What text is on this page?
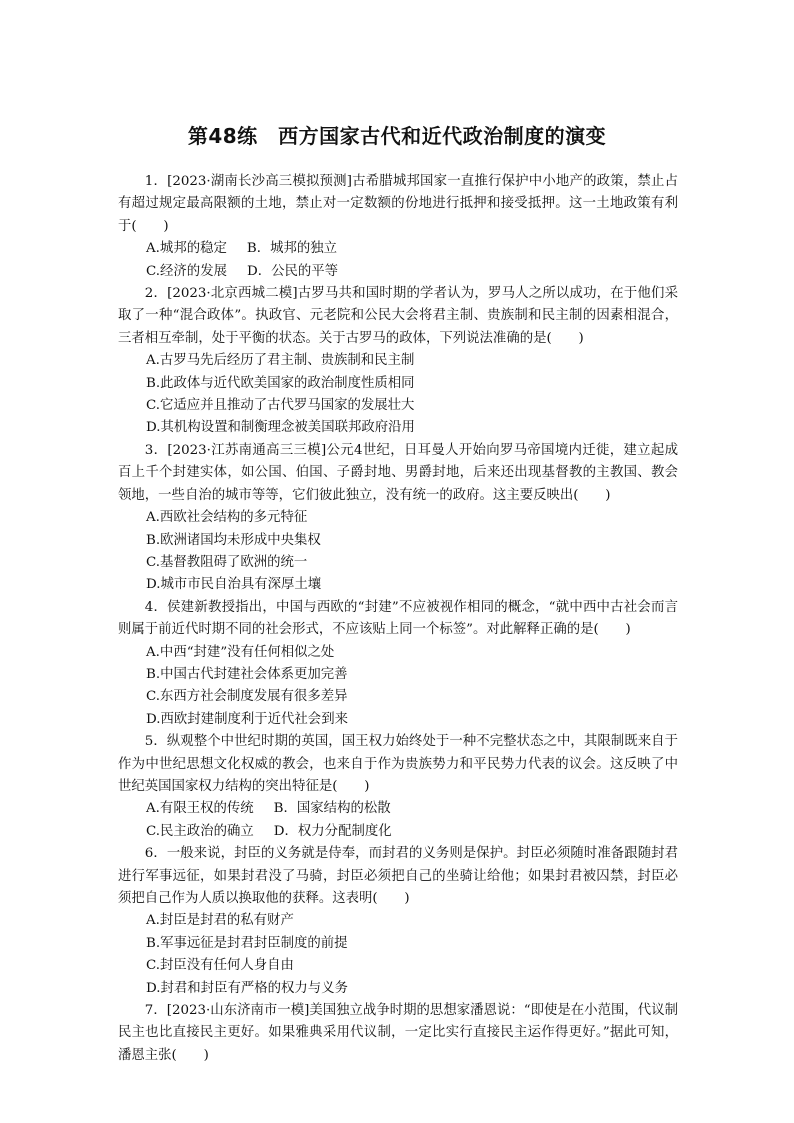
第48练　西方国家古代和近代政治制度的演变

1．[2023·湖南长沙高三模拟预测]古希腊城邦国家一直推行保护中小地产的政策，禁止占有超过规定最高限额的土地，禁止对一定数额的份地进行抵押和接受抵押。这一土地政策有利于(　　)

A.城邦的稳定 B．城邦的独立

C.经济的发展 D．公民的平等

2．[2023·北京西城二模]古罗马共和国时期的学者认为，罗马人之所以成功，在于他们采取了一种“混合政体”。执政官、元老院和公民大会将君主制、贵族制和民主制的因素相混合，三者相互牵制，处于平衡的状态。关于古罗马的政体，下列说法准确的是(　　)

A.古罗马先后经历了君主制、贵族制和民主制

B.此政体与近代欧美国家的政治制度性质相同

C.它适应并且推动了古代罗马国家的发展壮大

D.其机构设置和制衡理念被美国联邦政府沿用

3．[2023·江苏南通高三三模]公元4世纪，日耳曼人开始向罗马帝国境内迁徙，建立起成百上千个封建实体，如公国、伯国、子爵封地、男爵封地，后来还出现基督教的主教国、教会领地，一些自治的城市等等，它们彼此独立，没有统一的政府。这主要反映出(　　)

A.西欧社会结构的多元特征

B.欧洲诸国均未形成中央集权

C.基督教阻碍了欧洲的统一

D.城市市民自治具有深厚土壤

4．侯建新教授指出，中国与西欧的“封建”不应被视作相同的概念，“就中西中古社会而言则属于前近代时期不同的社会形式，不应该贴上同一个标签”。对此解释正确的是(　　)

A.中西“封建”没有任何相似之处

B.中国古代封建社会体系更加完善

C.东西方社会制度发展有很多差异

D.西欧封建制度利于近代社会到来

5．纵观整个中世纪时期的英国，国王权力始终处于一种不完整状态之中，其限制既来自于作为中世纪思想文化权威的教会，也来自于作为贵族势力和平民势力代表的议会。这反映了中世纪英国国家权力结构的突出特征是(　　)

A.有限王权的传统 B．国家结构的松散

C.民主政治的确立 D．权力分配制度化

6．一般来说，封臣的义务就是侍奉，而封君的义务则是保护。封臣必须随时准备跟随封君进行军事远征，如果封君没了马骑，封臣必须把自己的坐骑让给他；如果封君被囚禁，封臣必须把自己作为人质以换取他的获释。这表明(　　)

A.封臣是封君的私有财产

B.军事远征是封君封臣制度的前提

C.封臣没有任何人身自由

D.封君和封臣有严格的权力与义务

7．[2023·山东济南市一模]美国独立战争时期的思想家潘恩说：“即使是在小范围，代议制民主也比直接民主更好。如果雅典采用代议制，一定比实行直接民主运作得更好。”据此可知，潘恩主张(　　)
